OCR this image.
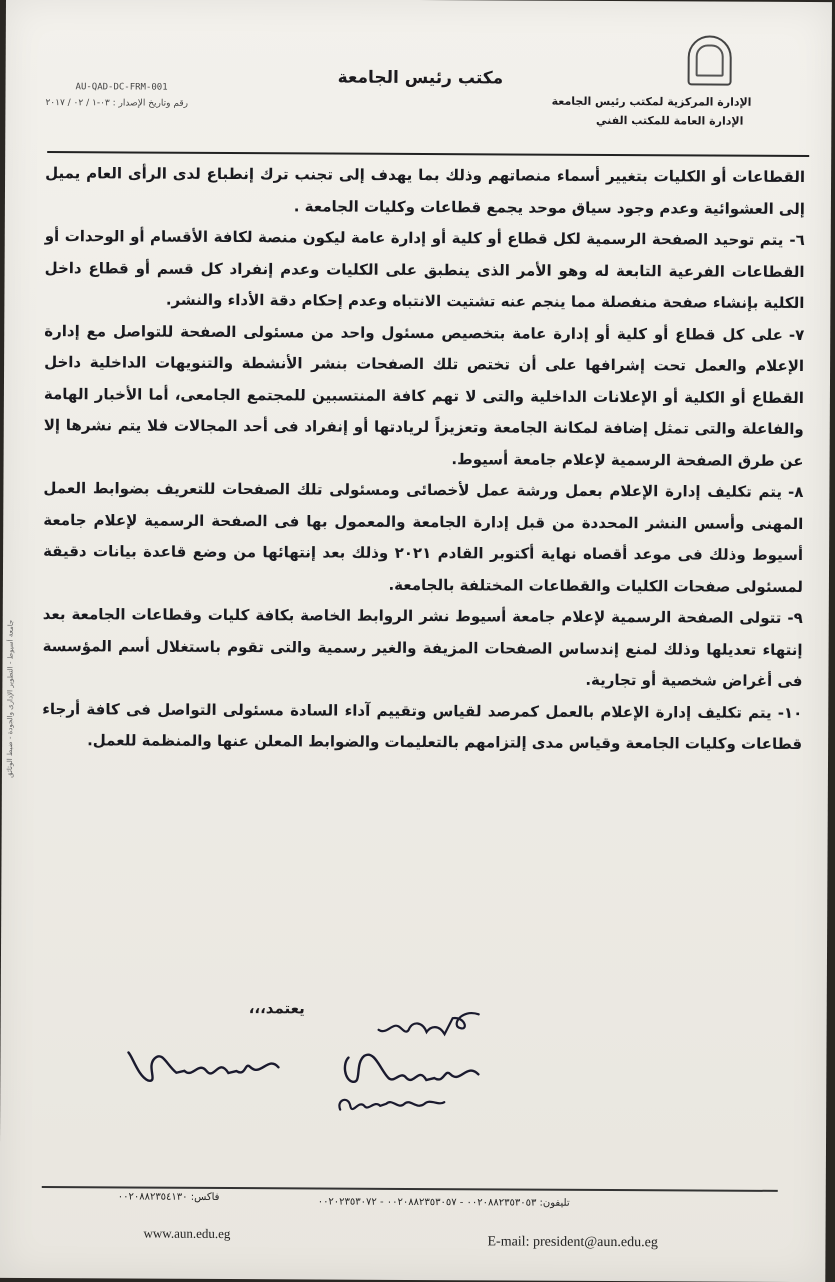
الإدارة المركزية لمكتب رئيس الجامعة
الإدارة العامة للمكتب الفني
مكتب رئيس الجامعة
AU-QAD-DC-FRM-001
رقم وتاريخ الإصدار : ٠٣-١ / ٠٢ / ٢٠١٧
جامعة أسيوط - التطوير الإدارى والجودة - ضبط الوثائق

القطاعات أو الكليات بتغيير أسماء منصاتهم وذلك بما يهدف إلى تجنب ترك إنطباع لدى الرأى العام يميل إلى العشوائية وعدم وجود سياق موحد يجمع قطاعات وكليات الجامعة .

٦-يتم توحيد الصفحة الرسمية لكل قطاع أو كلية أو إدارة عامة ليكون منصة لكافة الأقسام أو الوحدات أو القطاعات الفرعية التابعة له وهو الأمر الذى ينطبق على الكليات وعدم إنفراد كل قسم أو قطاع داخل الكلية بإنشاء صفحة منفصلة مما ينجم عنه تشتيت الانتباه وعدم إحكام دقة الأداء والنشر.

٧-على كل قطاع أو كلية أو إدارة عامة بتخصيص مسئول واحد من مسئولى الصفحة للتواصل مع إدارة الإعلام والعمل تحت إشرافها على أن تختص تلك الصفحات بنشر الأنشطة والتنويهات الداخلية داخل القطاع أو الكلية أو الإعلانات الداخلية والتى لا تهم كافة المنتسبين للمجتمع الجامعى، أما الأخبار الهامة والفاعلة والتى تمثل إضافة لمكانة الجامعة وتعزيزاً لريادتها أو إنفراد فى أحد المجالات فلا يتم نشرها إلا عن طرق الصفحة الرسمية لإعلام جامعة أسيوط.

٨-يتم تكليف إدارة الإعلام بعمل ورشة عمل لأخصائى ومسئولى تلك الصفحات للتعريف بضوابط العمل المهنى وأسس النشر المحددة من قبل إدارة الجامعة والمعمول بها فى الصفحة الرسمية لإعلام جامعة أسيوط وذلك فى موعد أقصاه نهاية أكتوبر القادم ٢٠٢١ وذلك بعد إنتهائها من وضع قاعدة بيانات دقيقة لمسئولى صفحات الكليات والقطاعات المختلفة بالجامعة.

٩-تتولى الصفحة الرسمية لإعلام جامعة أسيوط نشر الروابط الخاصة بكافة كليات وقطاعات الجامعة بعد إنتهاء تعديلها وذلك لمنع إندساس الصفحات المزيفة والغير رسمية والتى تقوم باستغلال أسم المؤسسة فى أغراض شخصية أو تجارية.

١٠-يتم تكليف إدارة الإعلام بالعمل كمرصد لقياس وتقييم آداء السادة مسئولى التواصل فى كافة أرجاء قطاعات وكليات الجامعة وقياس مدى إلتزامهم بالتعليمات والضوابط المعلن عنها والمنظمة للعمل.

يعتمد،،،
تليفون: ٠٠٢٠٨٨٢٣٥٣٠٥٣ - ٠٠٢٠٨٨٢٣٥٣٠٥٧ - ٠٠٢٠٢٣٥٣٠٧٢
فاكس: ٠٠٢٠٨٨٢٣٥٤١٣٠
www.aun.edu.eg
E-mail: president@aun.edu.eg
